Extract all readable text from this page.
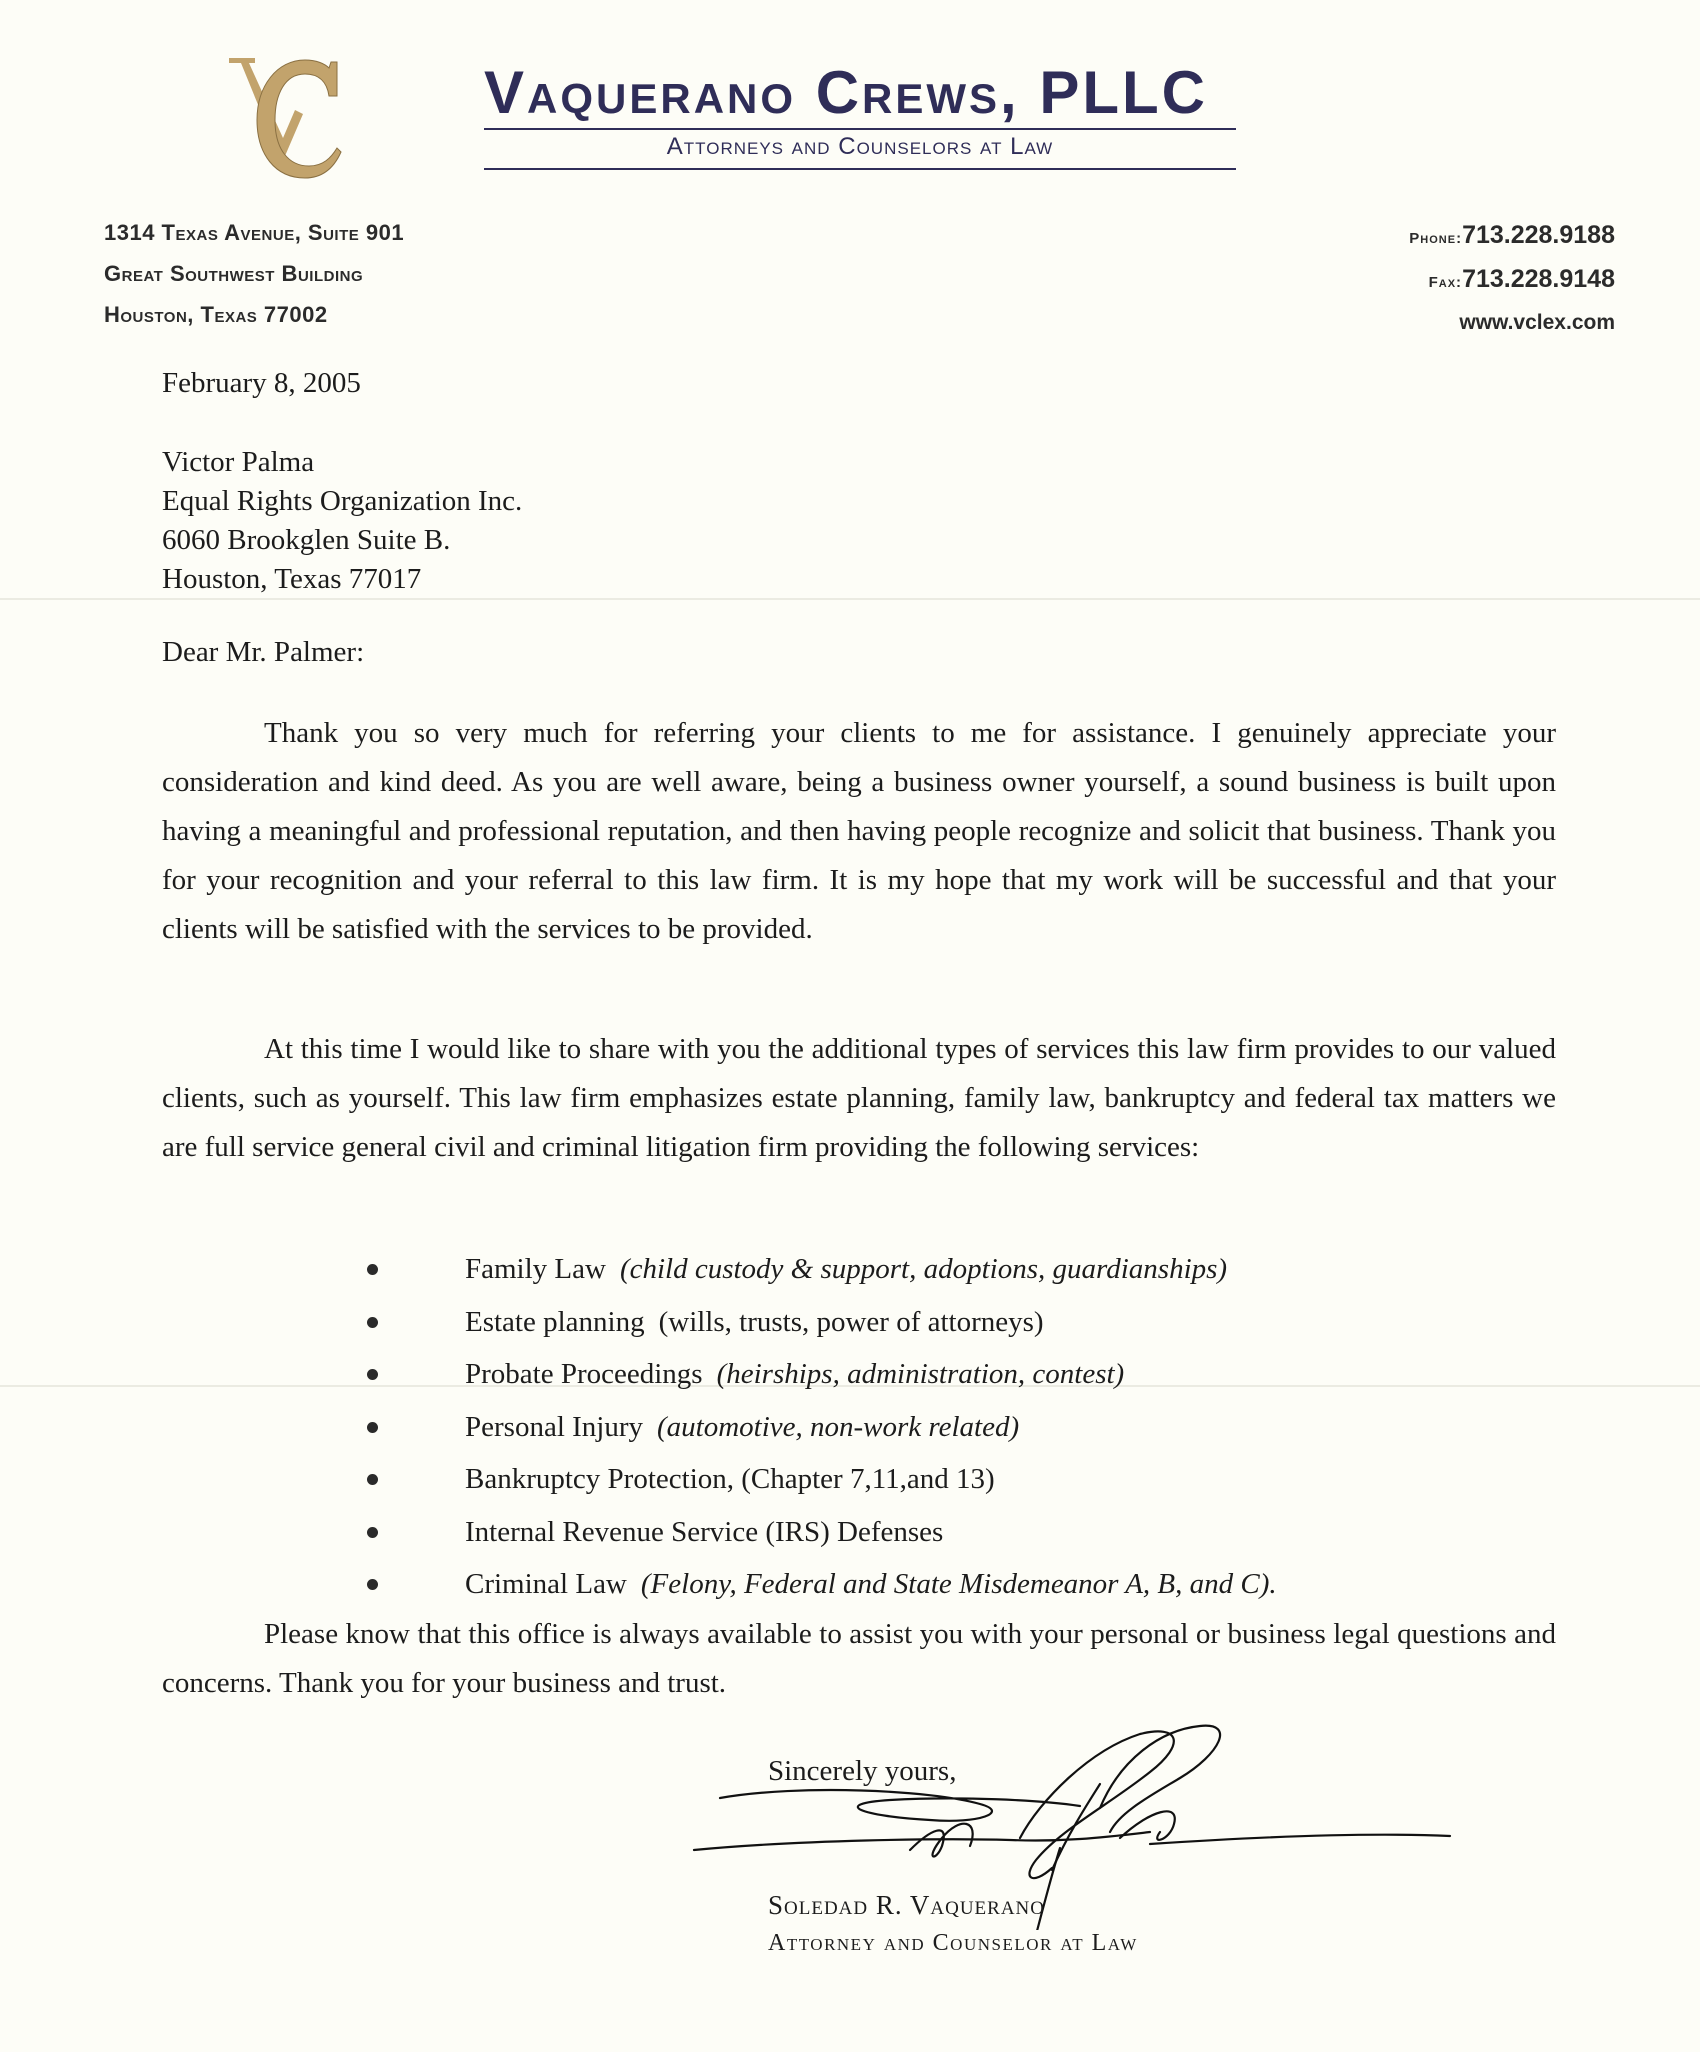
Vaquerano Crews, PLLC
Attorneys and Counselors at Law
1314 Texas Avenue, Suite 901
Great Southwest Building
Houston, Texas 77002
Phone:713.228.9188
Fax:713.228.9148
www.vclex.com
February 8, 2005
Victor Palma
Equal Rights Organization Inc.
6060 Brookglen Suite B.
Houston, Texas 77017
Dear Mr. Palmer:
Thank you so very much for referring your clients to me for assistance. I genuinely appreciate your consideration and kind deed. As you are well aware, being a business owner yourself, a sound business is built upon having a meaningful and professional reputation, and then having people recognize and solicit that business. Thank you for your recognition and your referral to this law firm. It is my hope that my work will be successful and that your clients will be satisfied with the services to be provided.
At this time I would like to share with you the additional types of services this law firm provides to our valued clients, such as yourself. This law firm emphasizes estate planning, family law, bankruptcy and federal tax matters we are full service general civil and criminal litigation firm providing the following services:
Family Law (child custody & support, adoptions, guardianships)
Estate planning (wills, trusts, power of attorneys)
Probate Proceedings (heirships, administration, contest)
Personal Injury (automotive, non-work related)
Bankruptcy Protection, (Chapter 7,11,and 13)
Internal Revenue Service (IRS) Defenses
Criminal Law (Felony, Federal and State Misdemeanor A, B, and C).
Please know that this office is always available to assist you with your personal or business legal questions and concerns. Thank you for your business and trust.
Sincerely yours,
Soledad R. Vaquerano
Attorney and Counselor at Law
